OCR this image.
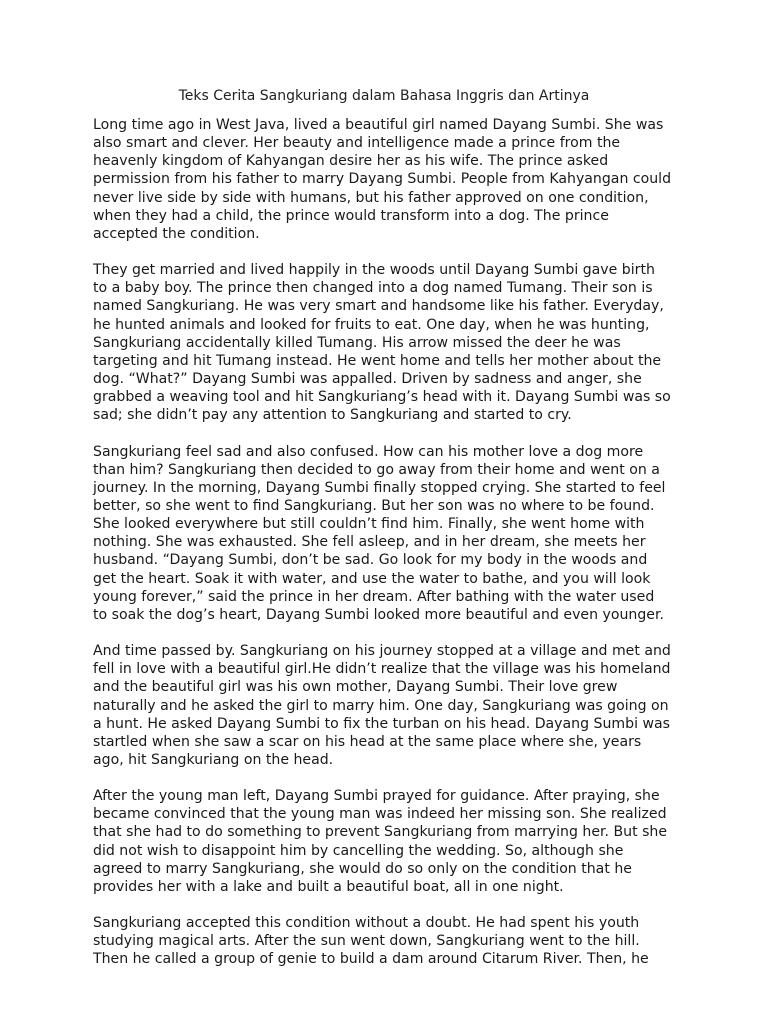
Teks Cerita Sangkuriang dalam Bahasa Inggris dan Artinya
Long time ago in West Java, lived a beautiful girl named Dayang Sumbi. She was
also smart and clever. Her beauty and intelligence made a prince from the
heavenly kingdom of Kahyangan desire her as his wife. The prince asked
permission from his father to marry Dayang Sumbi. People from Kahyangan could
never live side by side with humans, but his father approved on one condition,
when they had a child, the prince would transform into a dog. The prince
accepted the condition.
They get married and lived happily in the woods until Dayang Sumbi gave birth
to a baby boy. The prince then changed into a dog named Tumang. Their son is
named Sangkuriang. He was very smart and handsome like his father. Everyday,
he hunted animals and looked for fruits to eat. One day, when he was hunting,
Sangkuriang accidentally killed Tumang. His arrow missed the deer he was
targeting and hit Tumang instead. He went home and tells her mother about the
dog. “What?” Dayang Sumbi was appalled. Driven by sadness and anger, she
grabbed a weaving tool and hit Sangkuriang’s head with it. Dayang Sumbi was so
sad; she didn’t pay any attention to Sangkuriang and started to cry.
Sangkuriang feel sad and also confused. How can his mother love a dog more
than him? Sangkuriang then decided to go away from their home and went on a
journey. In the morning, Dayang Sumbi finally stopped crying. She started to feel
better, so she went to find Sangkuriang. But her son was no where to be found.
She looked everywhere but still couldn’t find him. Finally, she went home with
nothing. She was exhausted. She fell asleep, and in her dream, she meets her
husband. “Dayang Sumbi, don’t be sad. Go look for my body in the woods and
get the heart. Soak it with water, and use the water to bathe, and you will look
young forever,” said the prince in her dream. After bathing with the water used
to soak the dog’s heart, Dayang Sumbi looked more beautiful and even younger.
And time passed by. Sangkuriang on his journey stopped at a village and met and
fell in love with a beautiful girl.He didn’t realize that the village was his homeland
and the beautiful girl was his own mother, Dayang Sumbi. Their love grew
naturally and he asked the girl to marry him. One day, Sangkuriang was going on
a hunt. He asked Dayang Sumbi to fix the turban on his head. Dayang Sumbi was
startled when she saw a scar on his head at the same place where she, years
ago, hit Sangkuriang on the head.
After the young man left, Dayang Sumbi prayed for guidance. After praying, she
became convinced that the young man was indeed her missing son. She realized
that she had to do something to prevent Sangkuriang from marrying her. But she
did not wish to disappoint him by cancelling the wedding. So, although she
agreed to marry Sangkuriang, she would do so only on the condition that he
provides her with a lake and built a beautiful boat, all in one night.
Sangkuriang accepted this condition without a doubt. He had spent his youth
studying magical arts. After the sun went down, Sangkuriang went to the hill.
Then he called a group of genie to build a dam around Citarum River. Then, he
